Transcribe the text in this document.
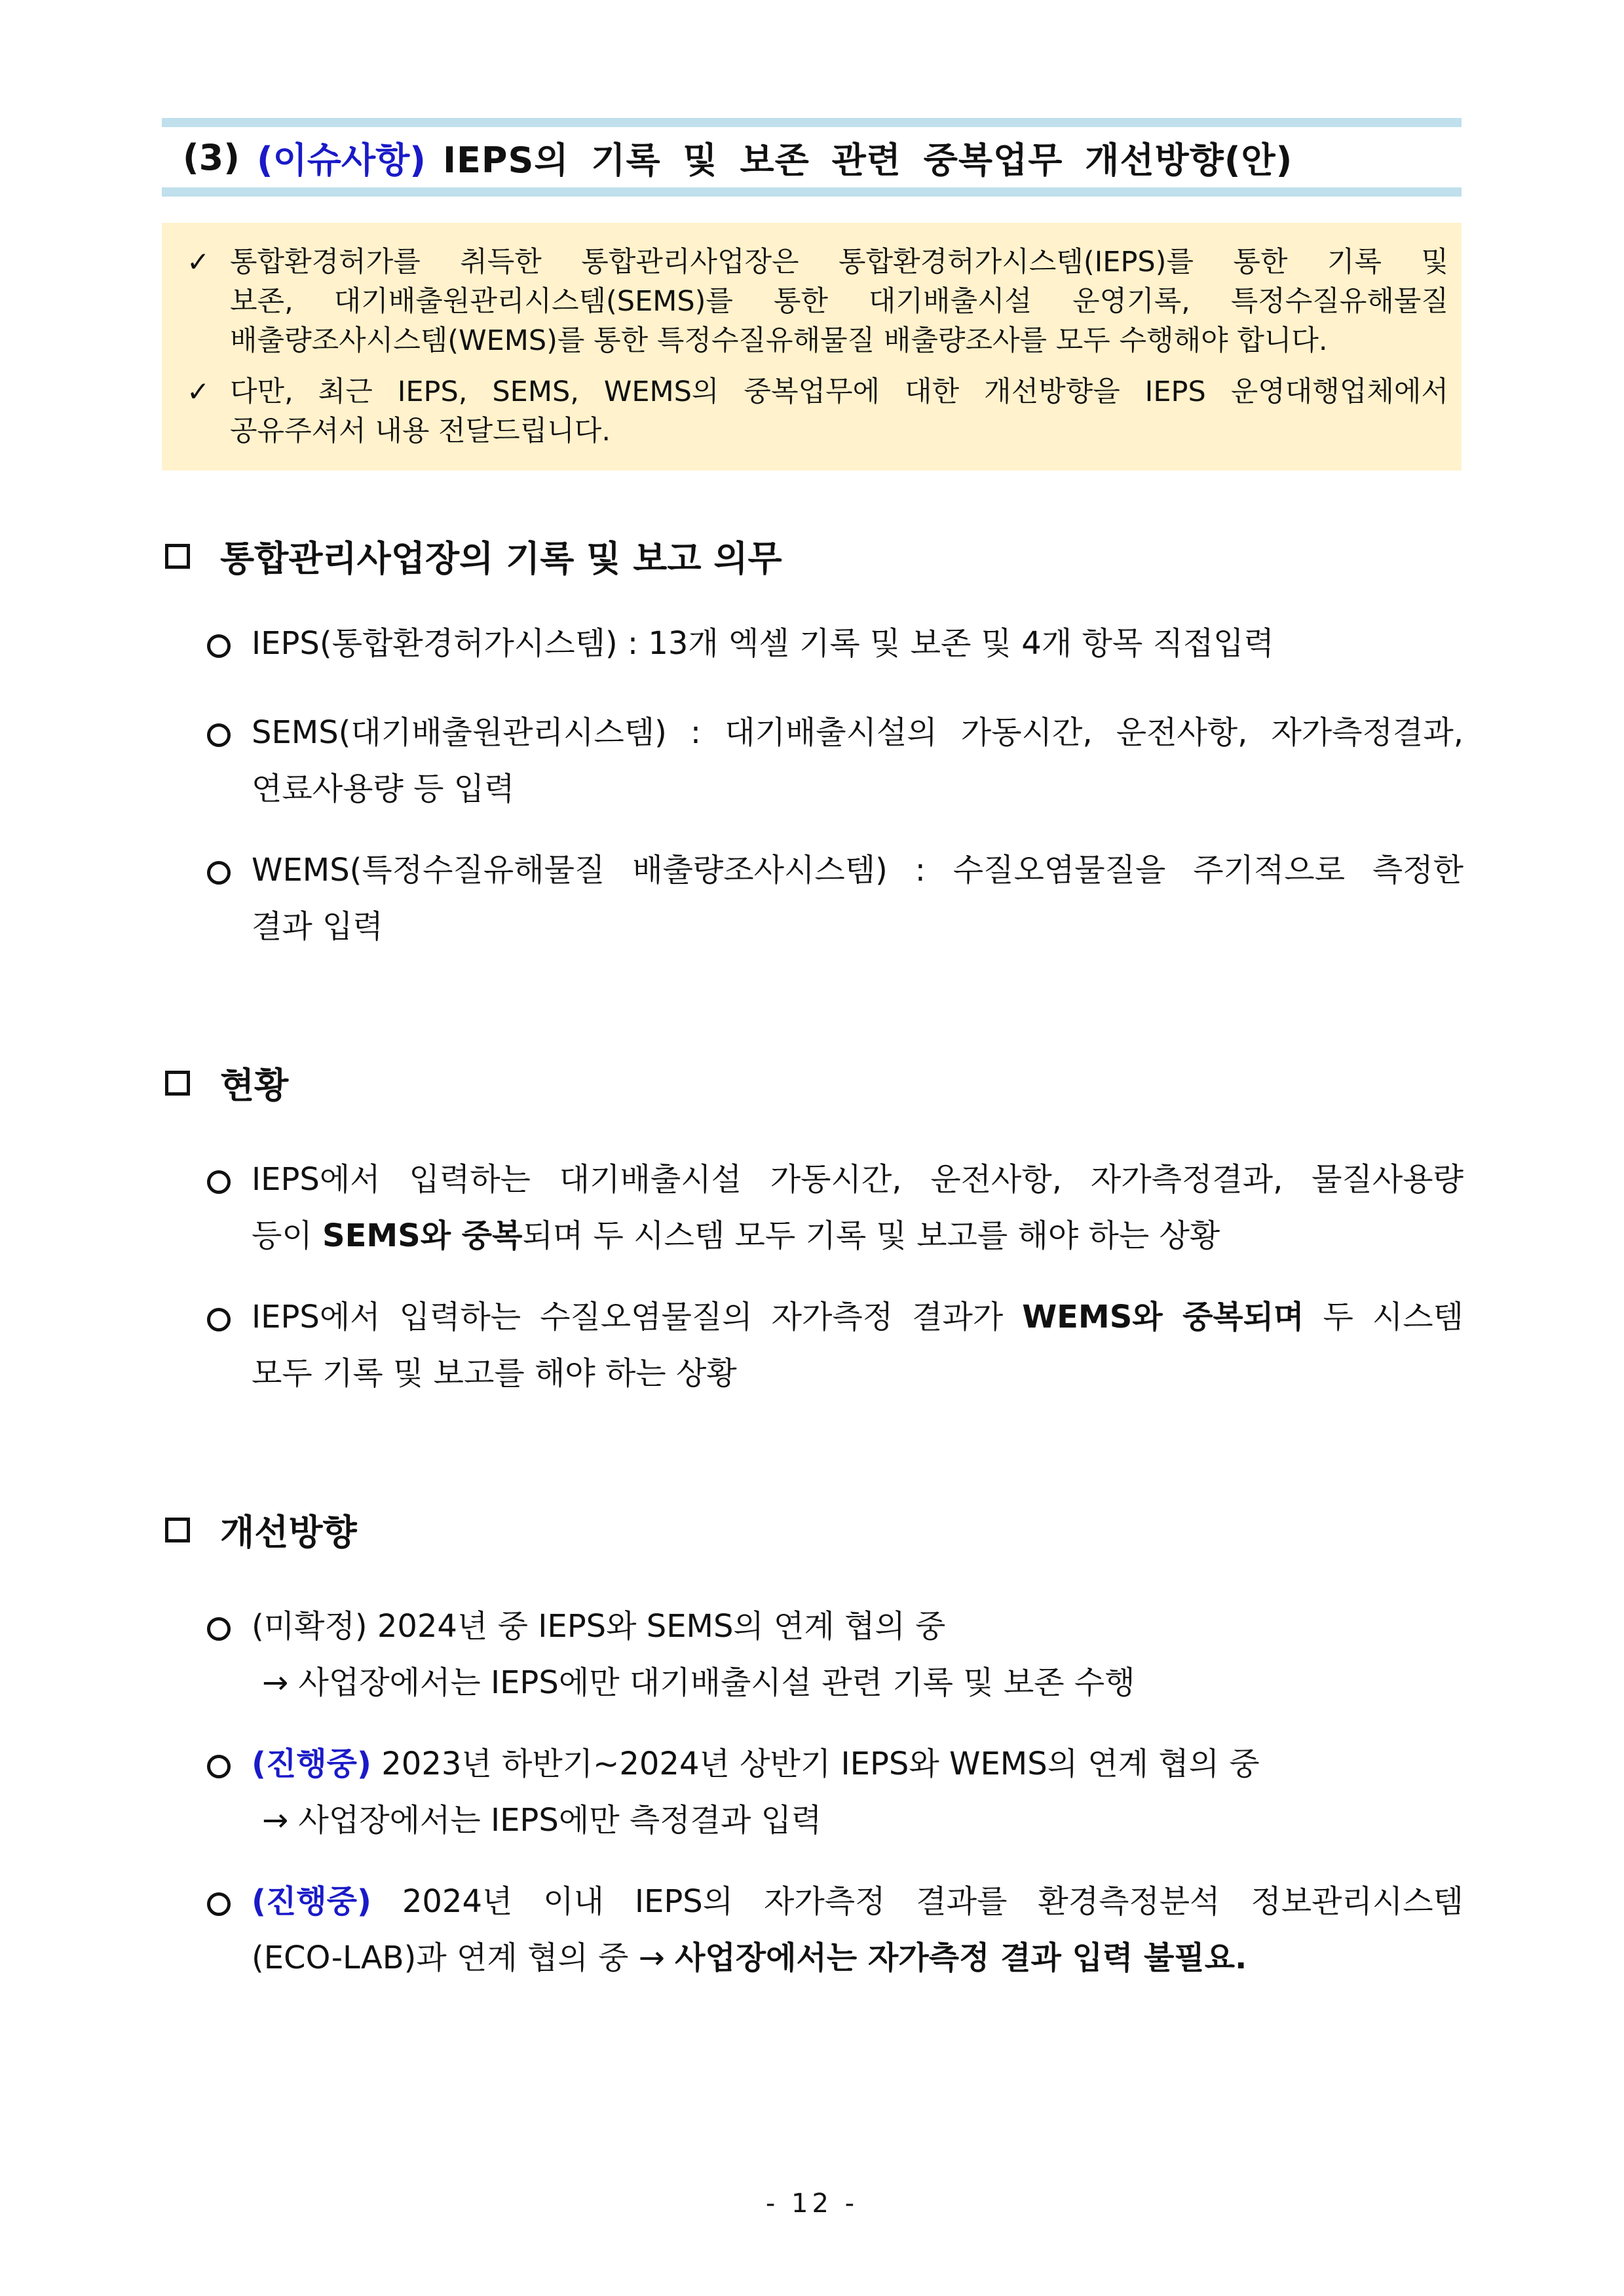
(3) (이슈사항) IEPS의 기록 및 보존 관련 중복업무 개선방향(안)
✓ 통합환경허가를 취득한 통합관리사업장은 통합환경허가시스템(IEPS)를 통한 기록 및
보존, 대기배출원관리시스템(SEMS)를 통한 대기배출시설 운영기록, 특정수질유해물질
배출량조사시스템(WEMS)를 통한 특정수질유해물질 배출량조사를 모두 수행해야 합니다.
✓ 다만, 최근 IEPS, SEMS, WEMS의 중복업무에 대한 개선방향을 IEPS 운영대행업체에서
공유주셔서 내용 전달드립니다.
통합관리사업장의 기록 및 보고 의무
IEPS(통합환경허가시스템) : 13개 엑셀 기록 및 보존 및 4개 항목 직접입력
SEMS(대기배출원관리시스템) : 대기배출시설의 가동시간, 운전사항, 자가측정결과,
연료사용량 등 입력
WEMS(특정수질유해물질 배출량조사시스템) : 수질오염물질을 주기적으로 측정한
결과 입력
현황
IEPS에서 입력하는 대기배출시설 가동시간, 운전사항, 자가측정결과, 물질사용량
등이 SEMS와 중복되며 두 시스템 모두 기록 및 보고를 해야 하는 상황
IEPS에서 입력하는 수질오염물질의 자가측정 결과가 WEMS와 중복되며 두 시스템
모두 기록 및 보고를 해야 하는 상황
개선방향
(미확정) 2024년 중 IEPS와 SEMS의 연계 협의 중
→ 사업장에서는 IEPS에만 대기배출시설 관련 기록 및 보존 수행
(진행중) 2023년 하반기~2024년 상반기 IEPS와 WEMS의 연계 협의 중
→ 사업장에서는 IEPS에만 측정결과 입력
(진행중) 2024년 이내 IEPS의 자가측정 결과를 환경측정분석 정보관리시스템
(ECO-LAB)과 연계 협의 중 → 사업장에서는 자가측정 결과 입력 불필요.
- 12 -
